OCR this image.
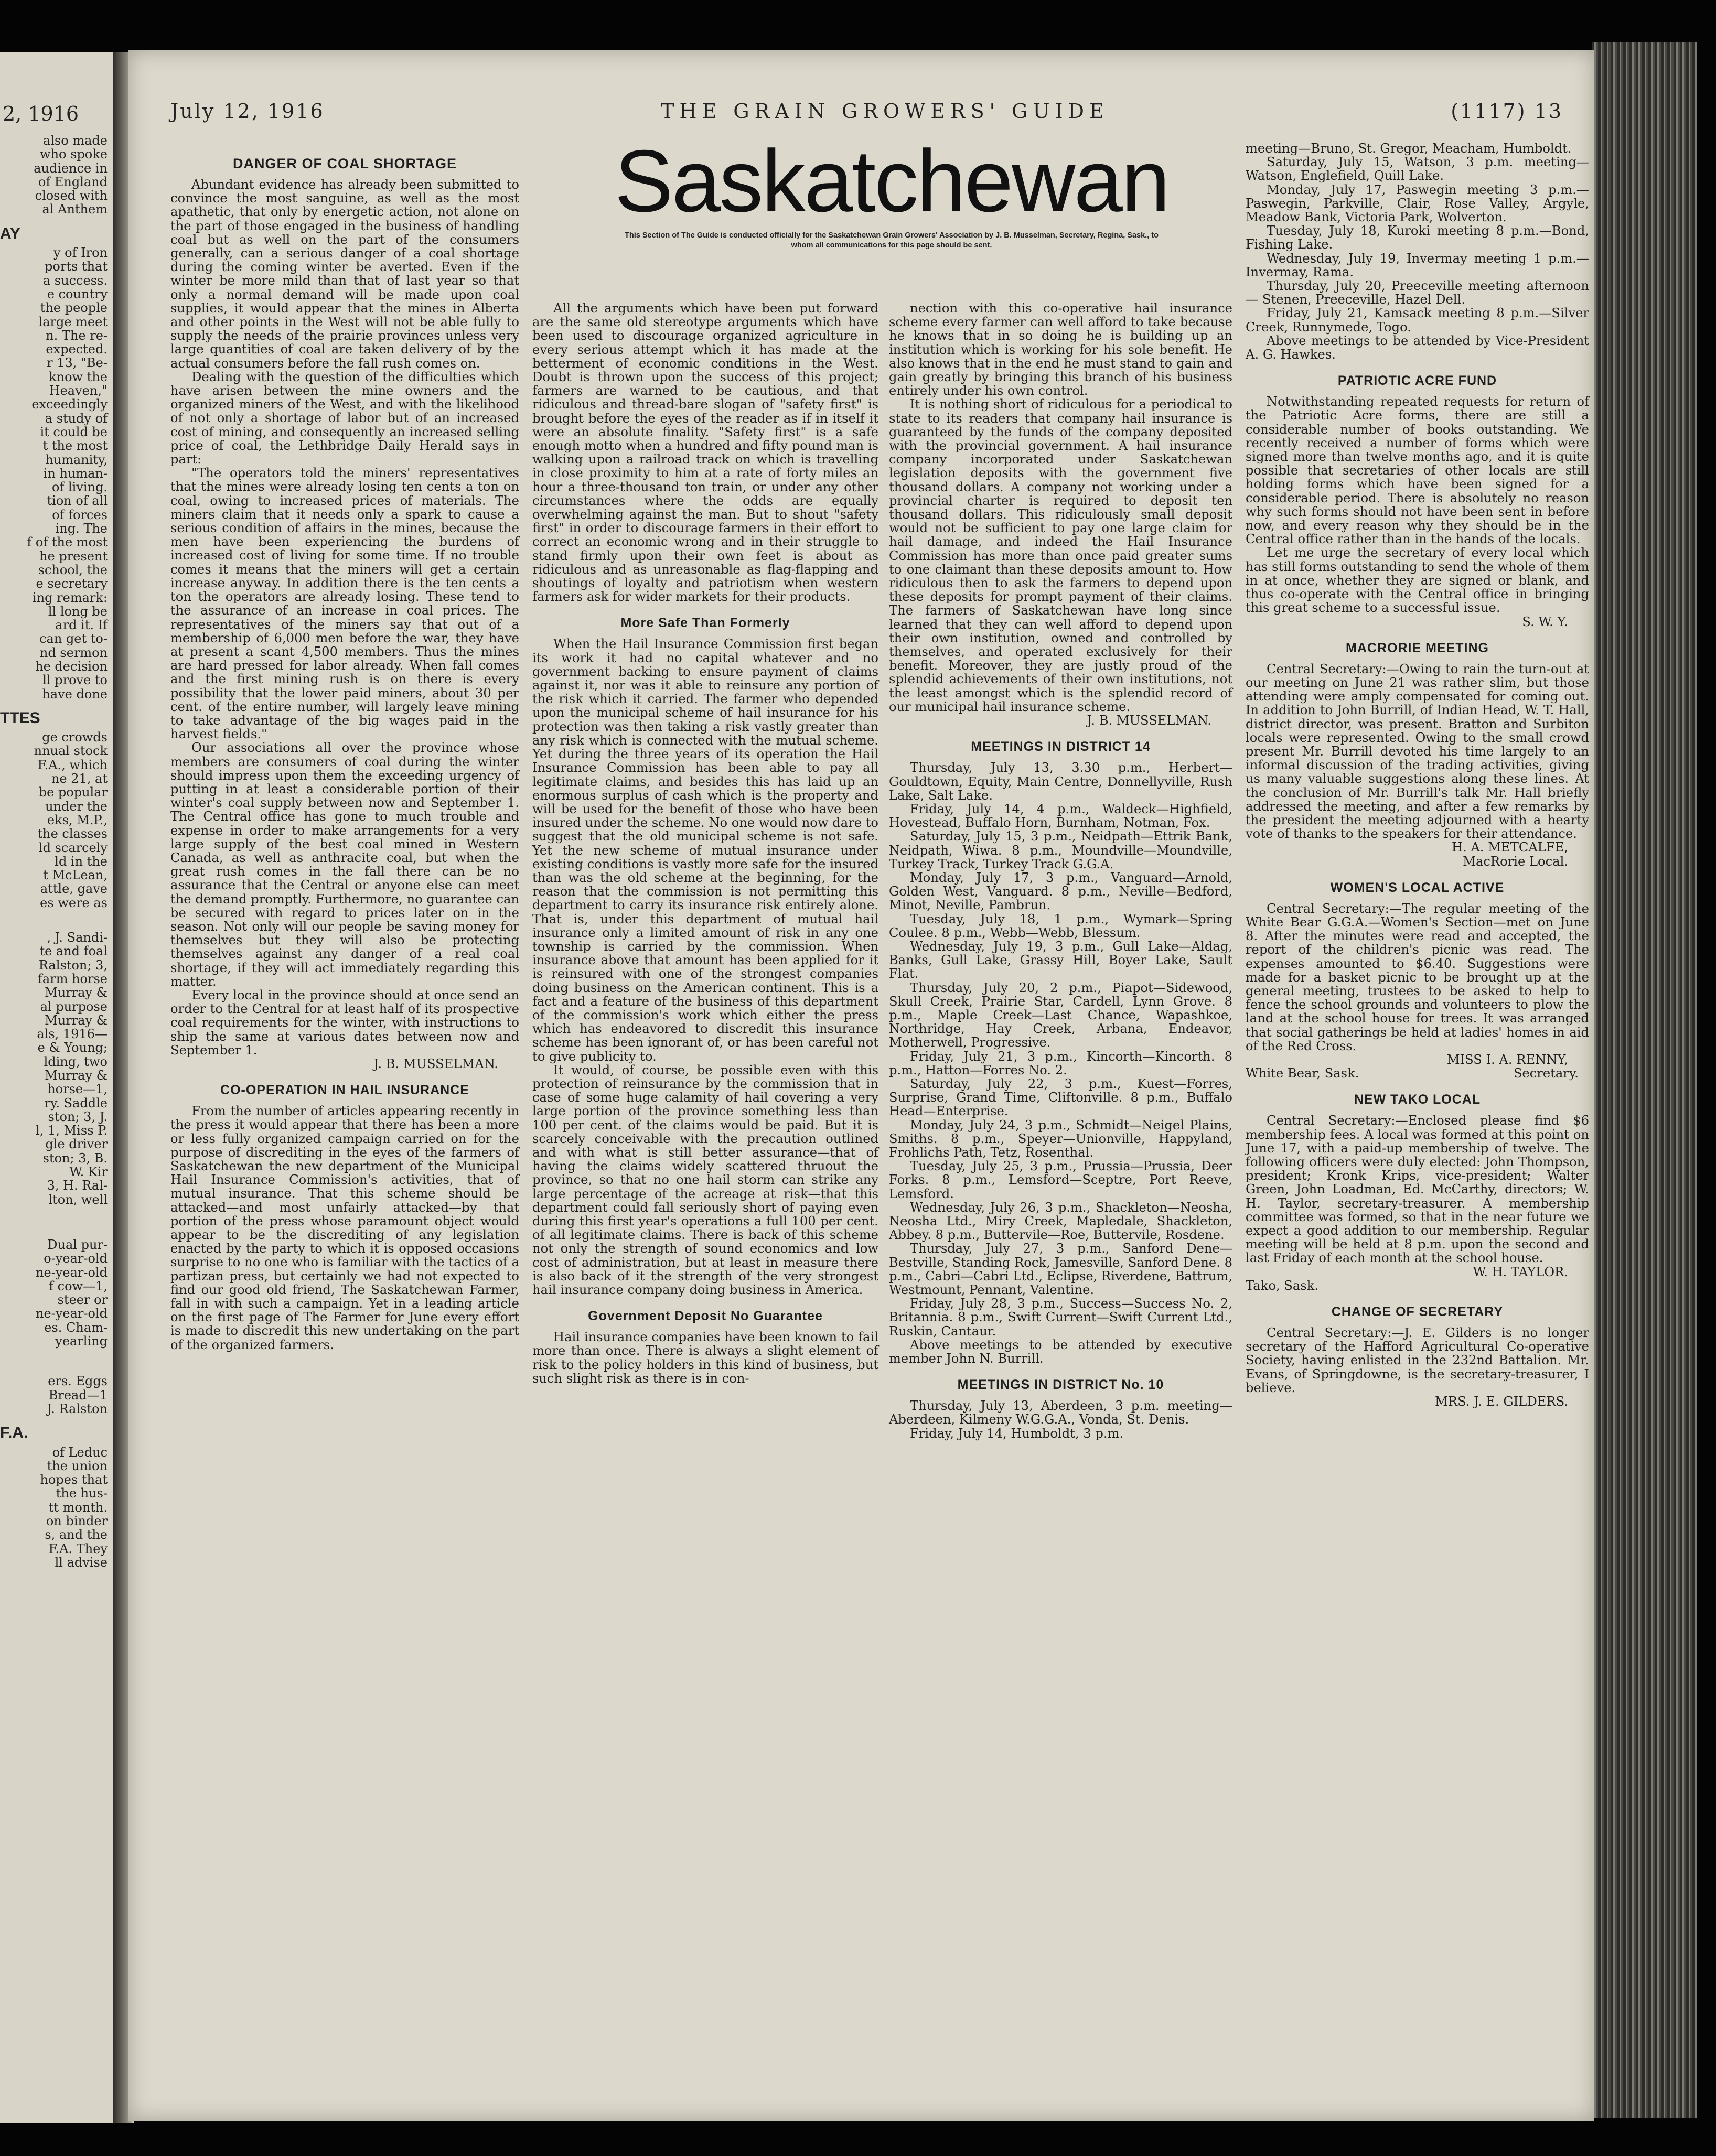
2, 1916
also made
who spoke
audience in
of England
closed with
al Anthem
AY
y of Iron
ports that
a success.
e country
the people
large meet
n. The re-
expected.
r 13, "Be-
know the
Heaven,"
exceedingly
a study of
it could be
t the most
humanity,
in human-
of living.
tion of all
of forces
ing. The
f of the most
he present
school, the
e secretary
ing remark:
ll long be
ard it. If
can get to-
nd sermon
he decision
ll prove to
have done
TTES
ge crowds
nnual stock
F.A., which
ne 21, at
be popular
under the
eks, M.P.,
the classes
ld scarcely
ld in the
t McLean,
attle, gave
es were as
, J. Sandi-
te and foal
Ralston; 3,
farm horse
Murray &
al purpose
Murray &
als, 1916—
e & Young;
lding, two
Murray &
horse—1,
ry. Saddle
ston; 3, J.
l, 1, Miss P.
gle driver
ston; 3, B.
W. Kir
3, H. Ral-
lton, well
Dual pur-
o-year-old
ne-year-old
f cow—1,
steer or
ne-year-old
es. Cham-
yearling
ers. Eggs
Bread—1
J. Ralston
F.A.
of Leduc
the union
hopes that
the hus-
tt month.
on binder
s, and the
F.A. They
ll advise
July 12, 1916	THE GRAIN GROWERS' GUIDE	(1117) 13
Saskatchewan
This Section of The Guide is conducted officially for the Saskatchewan Grain Growers' Association by J. B. Musselman, Secretary, Regina, Sask., to whom all communications for this page should be sent.
DANGER OF COAL SHORTAGE

Abundant evidence has already been submitted to convince the most sanguine, as well as the most apathetic, that only by energetic action, not alone on the part of those engaged in the business of handling coal but as well on the part of the consumers generally, can a serious danger of a coal shortage during the coming winter be averted. Even if the winter be more mild than that of last year so that only a normal demand will be made upon coal supplies, it would appear that the mines in Alberta and other points in the West will not be able fully to supply the needs of the prairie provinces unless very large quantities of coal are taken delivery of by the actual consumers before the fall rush comes on.

Dealing with the question of the difficulties which have arisen between the mine owners and the organized miners of the West, and with the likelihood of not only a shortage of labor but of an increased cost of mining, and consequently an increased selling price of coal, the Lethbridge Daily Herald says in part:

"The operators told the miners' representatives that the mines were already losing ten cents a ton on coal, owing to increased prices of materials. The miners claim that it needs only a spark to cause a serious condition of affairs in the mines, because the men have been experiencing the burdens of increased cost of living for some time. If no trouble comes it means that the miners will get a certain increase anyway. In addition there is the ten cents a ton the operators are already losing. These tend to the assurance of an increase in coal prices. The representatives of the miners say that out of a membership of 6,000 men before the war, they have at present a scant 4,500 members. Thus the mines are hard pressed for labor already. When fall comes and the first mining rush is on there is every possibility that the lower paid miners, about 30 per cent. of the entire number, will largely leave mining to take advantage of the big wages paid in the harvest fields."

Our associations all over the province whose members are consumers of coal during the winter should impress upon them the exceeding urgency of putting in at least a considerable portion of their winter's coal supply between now and September 1. The Central office has gone to much trouble and expense in order to make arrangements for a very large supply of the best coal mined in Western Canada, as well as anthracite coal, but when the great rush comes in the fall there can be no assurance that the Central or anyone else can meet the demand promptly. Furthermore, no guarantee can be secured with regard to prices later on in the season. Not only will our people be saving money for themselves but they will also be protecting themselves against any danger of a real coal shortage, if they will act immediately regarding this matter.

Every local in the province should at once send an order to the Central for at least half of its prospective coal requirements for the winter, with instructions to ship the same at various dates between now and September 1.

J. B. MUSSELMAN.

CO-OPERATION IN HAIL INSURANCE

From the number of articles appearing recently in the press it would appear that there has been a more or less fully organized campaign carried on for the purpose of discrediting in the eyes of the farmers of Saskatchewan the new department of the Municipal Hail Insurance Commission's activities, that of mutual insurance. That this scheme should be attacked—and most unfairly attacked—by that portion of the press whose paramount object would appear to be the discrediting of any legislation enacted by the party to which it is opposed occasions surprise to no one who is familiar with the tactics of a partizan press, but certainly we had not expected to find our good old friend, The Saskatchewan Farmer, fall in with such a campaign. Yet in a leading article on the first page of The Farmer for June every effort is made to discredit this new undertaking on the part of the organized farmers.

All the arguments which have been put forward are the same old stereotype arguments which have been used to discourage organized agriculture in every serious attempt which it has made at the betterment of economic conditions in the West. Doubt is thrown upon the success of this project; farmers are warned to be cautious, and that ridiculous and thread-bare slogan of "safety first" is brought before the eyes of the reader as if in itself it were an absolute finality. "Safety first" is a safe enough motto when a hundred and fifty pound man is walking upon a railroad track on which is travelling in close proximity to him at a rate of forty miles an hour a three-thousand ton train, or under any other circumstances where the odds are equally overwhelming against the man. But to shout "safety first" in order to discourage farmers in their effort to correct an economic wrong and in their struggle to stand firmly upon their own feet is about as ridiculous and as unreasonable as flag-flapping and shoutings of loyalty and patriotism when western farmers ask for wider markets for their products.

More Safe Than Formerly

When the Hail Insurance Commission first began its work it had no capital whatever and no government backing to ensure payment of claims against it, nor was it able to reinsure any portion of the risk which it carried. The farmer who depended upon the municipal scheme of hail insurance for his protection was then taking a risk vastly greater than any risk which is connected with the mutual scheme. Yet during the three years of its operation the Hail Insurance Commission has been able to pay all legitimate claims, and besides this has laid up an enormous surplus of cash which is the property and will be used for the benefit of those who have been insured under the scheme. No one would now dare to suggest that the old municipal scheme is not safe. Yet the new scheme of mutual insurance under existing conditions is vastly more safe for the insured than was the old scheme at the beginning, for the reason that the commission is not permitting this department to carry its insurance risk entirely alone. That is, under this department of mutual hail insurance only a limited amount of risk in any one township is carried by the commission. When insurance above that amount has been applied for it is reinsured with one of the strongest companies doing business on the American continent. This is a fact and a feature of the business of this department of the commission's work which either the press which has endeavored to discredit this insurance scheme has been ignorant of, or has been careful not to give publicity to.

It would, of course, be possible even with this protection of reinsurance by the commission that in case of some huge calamity of hail covering a very large portion of the province something less than 100 per cent. of the claims would be paid. But it is scarcely conceivable with the precaution outlined and with what is still better assurance—that of having the claims widely scattered thruout the province, so that no one hail storm can strike any large percentage of the acreage at risk—that this department could fall seriously short of paying even during this first year's operations a full 100 per cent. of all legitimate claims. There is back of this scheme not only the strength of sound economics and low cost of administration, but at least in measure there is also back of it the strength of the very strongest hail insurance company doing business in America.

Government Deposit No Guarantee

Hail insurance companies have been known to fail more than once. There is always a slight element of risk to the policy holders in this kind of business, but such slight risk as there is in con-

nection with this co-operative hail insurance scheme every farmer can well afford to take because he knows that in so doing he is building up an institution which is working for his sole benefit. He also knows that in the end he must stand to gain and gain greatly by bringing this branch of his business entirely under his own control.

It is nothing short of ridiculous for a periodical to state to its readers that company hail insurance is guaranteed by the funds of the company deposited with the provincial government. A hail insurance company incorporated under Saskatchewan legislation deposits with the government five thousand dollars. A company not working under a provincial charter is required to deposit ten thousand dollars. This ridiculously small deposit would not be sufficient to pay one large claim for hail damage, and indeed the Hail Insurance Commission has more than once paid greater sums to one claimant than these deposits amount to. How ridiculous then to ask the farmers to depend upon these deposits for prompt payment of their claims. The farmers of Saskatchewan have long since learned that they can well afford to depend upon their own institution, owned and controlled by themselves, and operated exclusively for their benefit. Moreover, they are justly proud of the splendid achievements of their own institutions, not the least amongst which is the splendid record of our municipal hail insurance scheme.

J. B. MUSSELMAN.

MEETINGS IN DISTRICT 14

Thursday, July 13, 3.30 p.m., Herbert—Gouldtown, Equity, Main Centre, Donnellyville, Rush Lake, Salt Lake.

Friday, July 14, 4 p.m., Waldeck—Highfield, Hovestead, Buffalo Horn, Burnham, Notman, Fox.

Saturday, July 15, 3 p.m., Neidpath—Ettrik Bank, Neidpath, Wiwa. 8 p.m., Moundville—Moundville, Turkey Track, Turkey Track G.G.A.

Monday, July 17, 3 p.m., Vanguard—Arnold, Golden West, Vanguard. 8 p.m., Neville—Bedford, Minot, Neville, Pambrun.

Tuesday, July 18, 1 p.m., Wymark—Spring Coulee. 8 p.m., Webb—Webb, Blessum.

Wednesday, July 19, 3 p.m., Gull Lake—Aldag, Banks, Gull Lake, Grassy Hill, Boyer Lake, Sault Flat.

Thursday, July 20, 2 p.m., Piapot—Sidewood, Skull Creek, Prairie Star, Cardell, Lynn Grove. 8 p.m., Maple Creek—Last Chance, Wapashkoe, Northridge, Hay Creek, Arbana, Endeavor, Motherwell, Progressive.

Friday, July 21, 3 p.m., Kincorth—Kincorth. 8 p.m., Hatton—Forres No. 2.

Saturday, July 22, 3 p.m., Kuest—Forres, Surprise, Grand Time, Cliftonville. 8 p.m., Buffalo Head—Enterprise.

Monday, July 24, 3 p.m., Schmidt—Neigel Plains, Smiths. 8 p.m., Speyer—Unionville, Happyland, Frohlichs Path, Tetz, Rosenthal.

Tuesday, July 25, 3 p.m., Prussia—Prussia, Deer Forks. 8 p.m., Lemsford—Sceptre, Port Reeve, Lemsford.

Wednesday, July 26, 3 p.m., Shackleton—Neosha, Neosha Ltd., Miry Creek, Mapledale, Shackleton, Abbey. 8 p.m., Buttervile—Roe, Buttervile, Rosdene.

Thursday, July 27, 3 p.m., Sanford Dene—Bestville, Standing Rock, Jamesville, Sanford Dene. 8 p.m., Cabri—Cabri Ltd., Eclipse, Riverdene, Battrum, Westmount, Pennant, Valentine.

Friday, July 28, 3 p.m., Success—Success No. 2, Britannia. 8 p.m., Swift Current—Swift Current Ltd., Ruskin, Cantaur.

Above meetings to be attended by executive member John N. Burrill.

MEETINGS IN DISTRICT No. 10

Thursday, July 13, Aberdeen, 3 p.m. meeting—Aberdeen, Kilmeny W.G.G.A., Vonda, St. Denis.

Friday, July 14, Humboldt, 3 p.m.

meeting—Bruno, St. Gregor, Meacham, Humboldt.

Saturday, July 15, Watson, 3 p.m. meeting—Watson, Englefield, Quill Lake.

Monday, July 17, Paswegin meeting 3 p.m.—Paswegin, Parkville, Clair, Rose Valley, Argyle, Meadow Bank, Victoria Park, Wolverton.

Tuesday, July 18, Kuroki meeting 8 p.m.—Bond, Fishing Lake.

Wednesday, July 19, Invermay meeting 1 p.m.—Invermay, Rama.

Thursday, July 20, Preeceville meeting afternoon — Stenen, Preeceville, Hazel Dell.

Friday, July 21, Kamsack meeting 8 p.m.—Silver Creek, Runnymede, Togo.

Above meetings to be attended by Vice-President A. G. Hawkes.

PATRIOTIC ACRE FUND

Notwithstanding repeated requests for return of the Patriotic Acre forms, there are still a considerable number of books outstanding. We recently received a number of forms which were signed more than twelve months ago, and it is quite possible that secretaries of other locals are still holding forms which have been signed for a considerable period. There is absolutely no reason why such forms should not have been sent in before now, and every reason why they should be in the Central office rather than in the hands of the locals.

Let me urge the secretary of every local which has still forms outstanding to send the whole of them in at once, whether they are signed or blank, and thus co-operate with the Central office in bringing this great scheme to a successful issue.

S. W. Y.

MACRORIE MEETING

Central Secretary:—Owing to rain the turn-out at our meeting on June 21 was rather slim, but those attending were amply compensated for coming out. In addition to John Burrill, of Indian Head, W. T. Hall, district director, was present. Bratton and Surbiton locals were represented. Owing to the small crowd present Mr. Burrill devoted his time largely to an informal discussion of the trading activities, giving us many valuable suggestions along these lines. At the conclusion of Mr. Burrill's talk Mr. Hall briefly addressed the meeting, and after a few remarks by the president the meeting adjourned with a hearty vote of thanks to the speakers for their attendance.

H. A. METCALFE,

MacRorie Local.

WOMEN'S LOCAL ACTIVE

Central Secretary:—The regular meeting of the White Bear G.G.A.—Women's Section—met on June 8. After the minutes were read and accepted, the report of the children's picnic was read. The expenses amounted to $6.40. Suggestions were made for a basket picnic to be brought up at the general meeting, trustees to be asked to help to fence the school grounds and volunteers to plow the land at the school house for trees. It was arranged that social gatherings be held at ladies' homes in aid of the Red Cross.

MISS I. A. RENNY,

White Bear, Sask.	Secretary.

NEW TAKO LOCAL

Central Secretary:—Enclosed please find $6 membership fees. A local was formed at this point on June 17, with a paid-up membership of twelve. The following officers were duly elected: John Thompson, president; Kronk Krips, vice-president; Walter Green, John Loadman, Ed. McCarthy, directors; W. H. Taylor, secretary-treasurer. A membership committee was formed, so that in the near future we expect a good addition to our membership. Regular meeting will be held at 8 p.m. upon the second and last Friday of each month at the school house.

W. H. TAYLOR.

Tako, Sask.

CHANGE OF SECRETARY

Central Secretary:—J. E. Gilders is no longer secretary of the Hafford Agricultural Co-operative Society, having enlisted in the 232nd Battalion. Mr. Evans, of Springdowne, is the secretary-treasurer, I believe.

MRS. J. E. GILDERS.
